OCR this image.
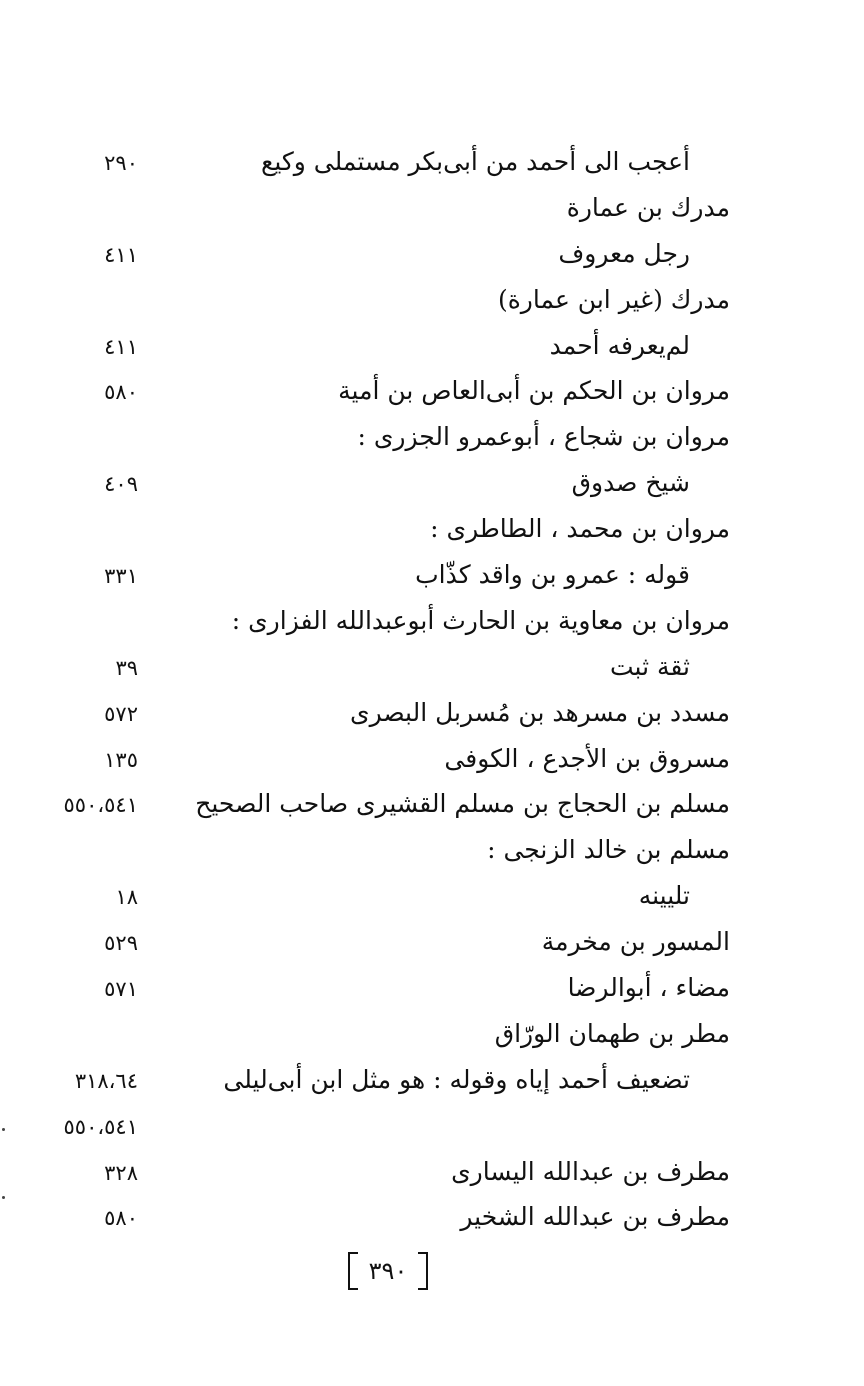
أعجب الى أحمد من أبى‌بكر مستملى وكيع
٢٩٠
مدرك بن عمارة
رجل معروف
٤١١
مدرك (غير ابن عمارة)
لم‌يعرفه أحمد
٤١١
مروان بن الحكم بن أبى‌العاص بن أمية
٥٨٠
مروان بن شجاع ، أبوعمرو الجزرى :
شيخ صدوق
٤٠٩
مروان بن محمد ، الطاطرى :
قوله : عمرو بن واقد كذّاب
٣٣١
مروان بن معاوية بن الحارث أبوعبدالله الفزارى :
ثقة ثبت
٣٩
مسدد بن مسرهد بن مُسربل البصرى
٥٧٢
مسروق بن الأجدع ، الكوفى
١٣٥
مسلم بن الحجاج بن مسلم القشيرى صاحب الصحيح
٥٥٠،٥٤١
مسلم بن خالد الزنجى :
تليينه
١٨
المسور بن مخرمة
٥٢٩
مضاء ، أبوالرضا
٥٧١
مطر بن طهمان الورّاق
تضعيف أحمد إياه وقوله : هو مثل ابن أبى‌ليلى
٣١٨،٦٤
٥٥٠،٥٤١
مطرف بن عبدالله اليسارى
٣٢٨
مطرف بن عبدالله الشخير
٥٨٠
٣٩٠
